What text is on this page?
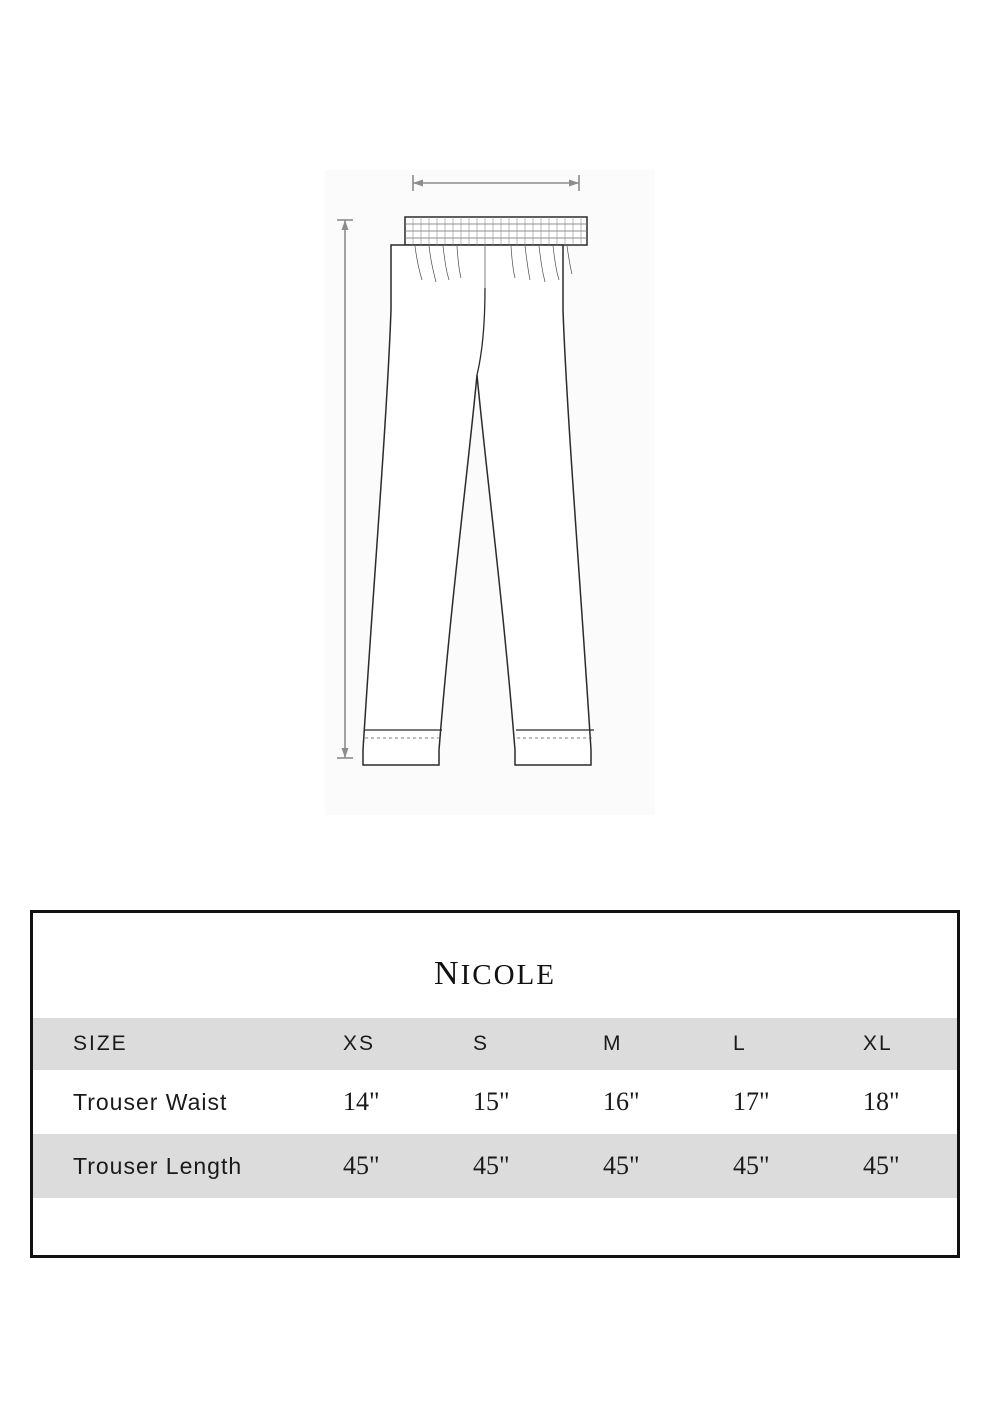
nicole
SIZE	XS	S	M	L	XL
Trouser Waist	14"	15"	16"	17"	18"
Trouser Length	45"	45"	45"	45"	45"
